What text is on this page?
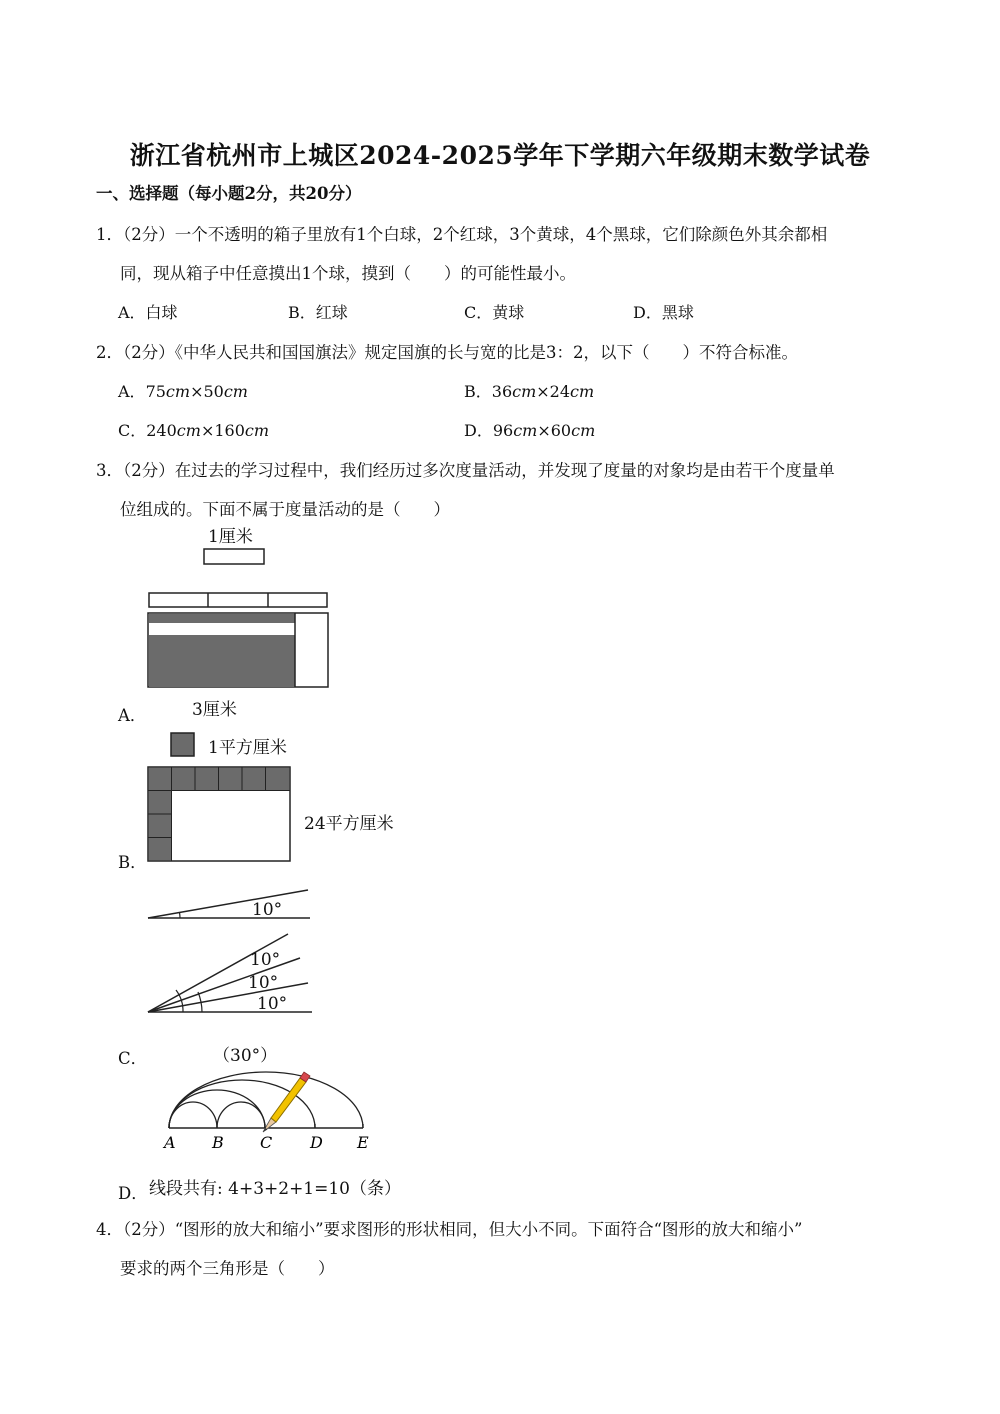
浙江省杭州市上城区2024-2025学年下学期六年级期末数学试卷
一、选择题（每小题2分，共20分）
1．（2分）一个不透明的箱子里放有1个白球，2个红球，3个黄球，4个黑球，它们除颜色外其余都相
同，现从箱子中任意摸出1个球，摸到（　　）的可能性最小。
A．白球	B．红球	C．黄球	D．黑球
2．（2分）《中华人民共和国国旗法》规定国旗的长与宽的比是3：2，以下（　　）不符合标准。
A．75cm×50cm	B．36cm×24cm
C．240cm×160cm	D．96cm×60cm
3．（2分）在过去的学习过程中，我们经历过多次度量活动，并发现了度量的对象均是由若干个度量单
位组成的。下面不属于度量活动的是（　　）
1厘米
A．	3厘米
1平方厘米
24平方厘米
B．
10°
10°
10°
10°
（30°）
C．
A B C D E
D． 线段共有: 4+3+2+1=10（条）
4．（2分）“图形的放大和缩小”要求图形的形状相同，但大小不同。下面符合“图形的放大和缩小”
要求的两个三角形是（　　）
